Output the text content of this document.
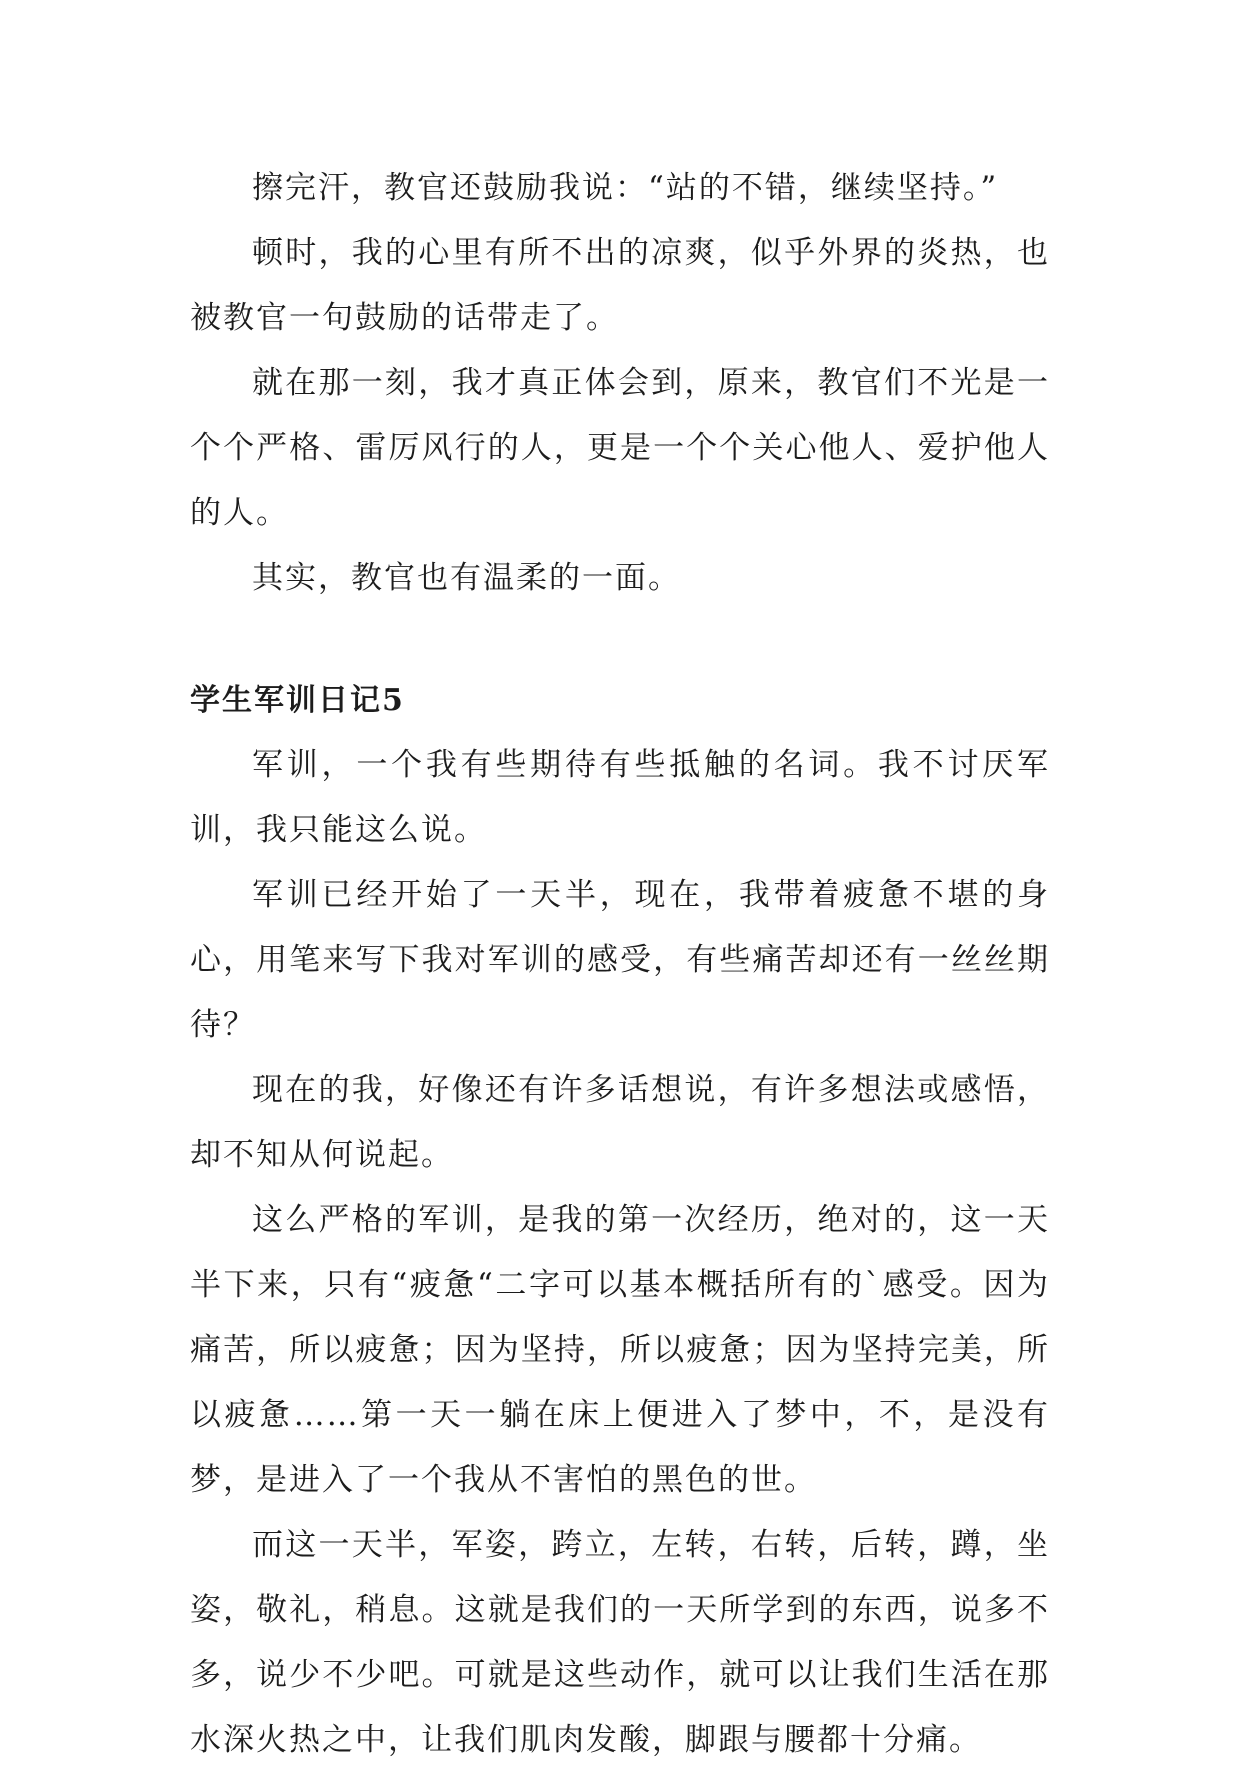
擦完汗，教官还鼓励我说：“站的不错，继续坚持。”

顿时，我的心里有所不出的凉爽，似乎外界的炎热，也被教官一句鼓励的话带走了。

就在那一刻，我才真正体会到，原来，教官们不光是一个个严格、雷厉风行的人，更是一个个关心他人、爱护他人的人。

其实，教官也有温柔的一面。

学生军训日记5

军训，一个我有些期待有些抵触的名词。我不讨厌军训，我只能这么说。

军训已经开始了一天半，现在，我带着疲惫不堪的身心，用笔来写下我对军训的感受，有些痛苦却还有一丝丝期待？

现在的我，好像还有许多话想说，有许多想法或感悟，却不知从何说起。

这么严格的军训，是我的第一次经历，绝对的，这一天半下来，只有“疲惫“二字可以基本概括所有的`感受。因为痛苦，所以疲惫；因为坚持，所以疲惫；因为坚持完美，所以疲惫……第一天一躺在床上便进入了梦中，不，是没有梦，是进入了一个我从不害怕的黑色的世。

而这一天半，军姿，跨立，左转，右转，后转，蹲，坐姿，敬礼，稍息。这就是我们的一天所学到的东西，说多不多，说少不少吧。可就是这些动作，就可以让我们生活在那水深火热之中，让我们肌肉发酸，脚跟与腰都十分痛。
